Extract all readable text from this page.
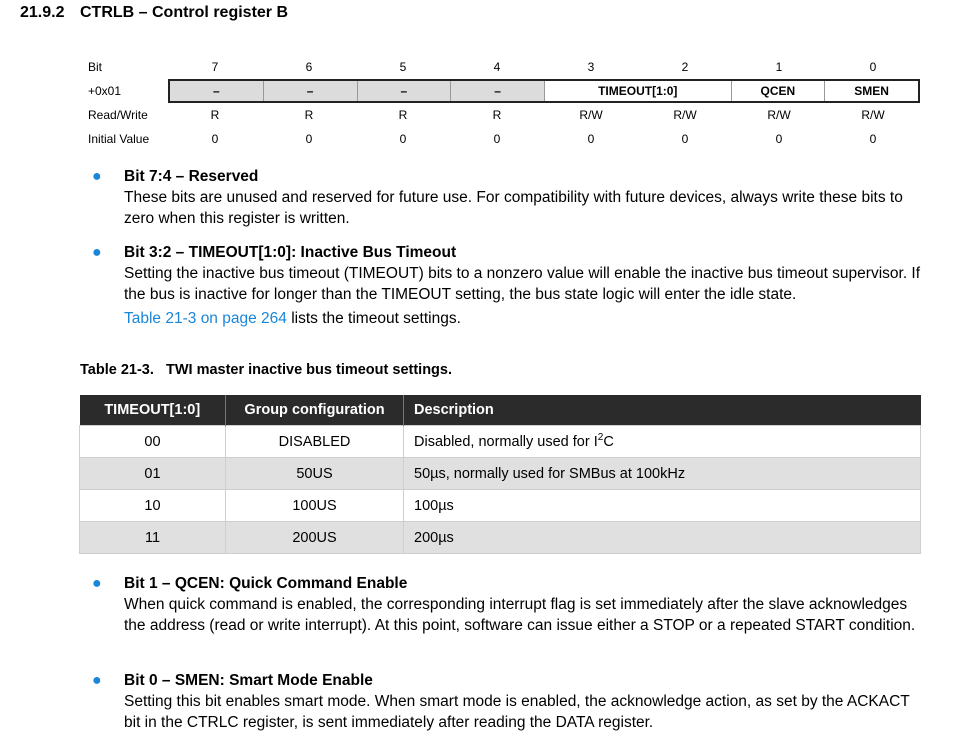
21.9.2 CTRLB – Control register B
Bit	7	6	5	4	3	2	1	0
+0x01	–	–	–	–	TIMEOUT[1:0]	QCEN	SMEN
Read/Write	R	R	R	R	R/W	R/W	R/W	R/W
Initial Value	0	0	0	0	0	0	0	0
● Bit 7:4 – Reserved
These bits are unused and reserved for future use. For compatibility with future devices, always write these bits to zero when this register is written.
● Bit 3:2 – TIMEOUT[1:0]: Inactive Bus Timeout
Setting the inactive bus timeout (TIMEOUT) bits to a nonzero value will enable the inactive bus timeout supervisor. If the bus is inactive for longer than the TIMEOUT setting, the bus state logic will enter the idle state.
Table 21-3 on page 264 lists the timeout settings.
Table 21-3. TWI master inactive bus timeout settings.
TIMEOUT[1:0]	Group configuration	Description
00	DISABLED	Disabled, normally used for $I^2C$
01	50US	50µs, normally used for SMBus at 100kHz
10	100US	100µs
11	200US	200µs
● Bit 1 – QCEN: Quick Command Enable
When quick command is enabled, the corresponding interrupt flag is set immediately after the slave acknowledges the address (read or write interrupt). At this point, software can issue either a STOP or a repeated START condition.
● Bit 0 – SMEN: Smart Mode Enable
Setting this bit enables smart mode. When smart mode is enabled, the acknowledge action, as set by the ACKACT bit in the CTRLC register, is sent immediately after reading the DATA register.
